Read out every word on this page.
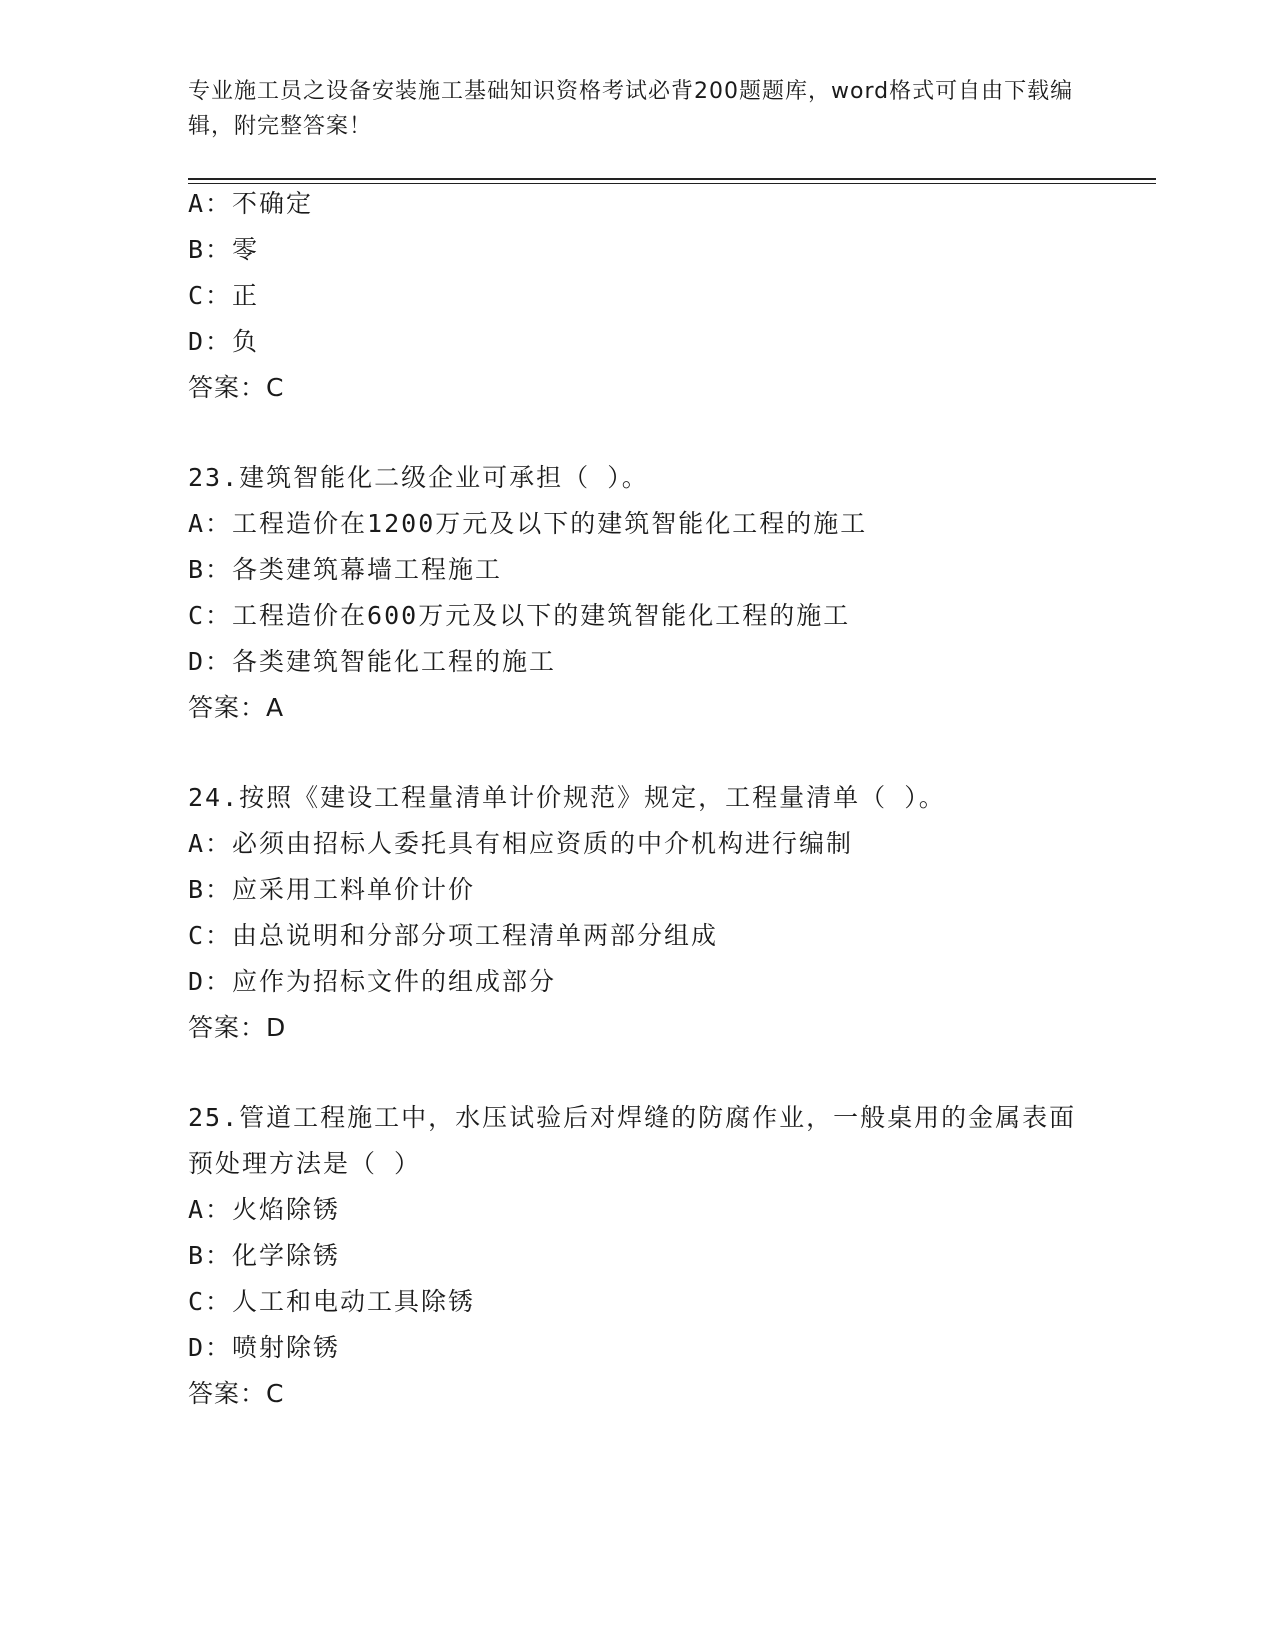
专业施工员之设备安装施工基础知识资格考试必背200题题库，word格式可自由下载编辑，附完整答案！
A：不确定
B：零
C：正
D：负
答案：C
23.建筑智能化二级企业可承担（ ）。
A：工程造价在1200万元及以下的建筑智能化工程的施工
B：各类建筑幕墙工程施工
C：工程造价在600万元及以下的建筑智能化工程的施工
D：各类建筑智能化工程的施工
答案：A
24.按照《建设工程量清单计价规范》规定，工程量清单（ ）。
A：必须由招标人委托具有相应资质的中介机构进行编制
B：应采用工料单价计价
C：由总说明和分部分项工程清单两部分组成
D：应作为招标文件的组成部分
答案：D
25.管道工程施工中，水压试验后对焊缝的防腐作业，一般桌用的金属表面预处理方法是（ ）
A：火焰除锈
B：化学除锈
C：人工和电动工具除锈
D：喷射除锈
答案：C
